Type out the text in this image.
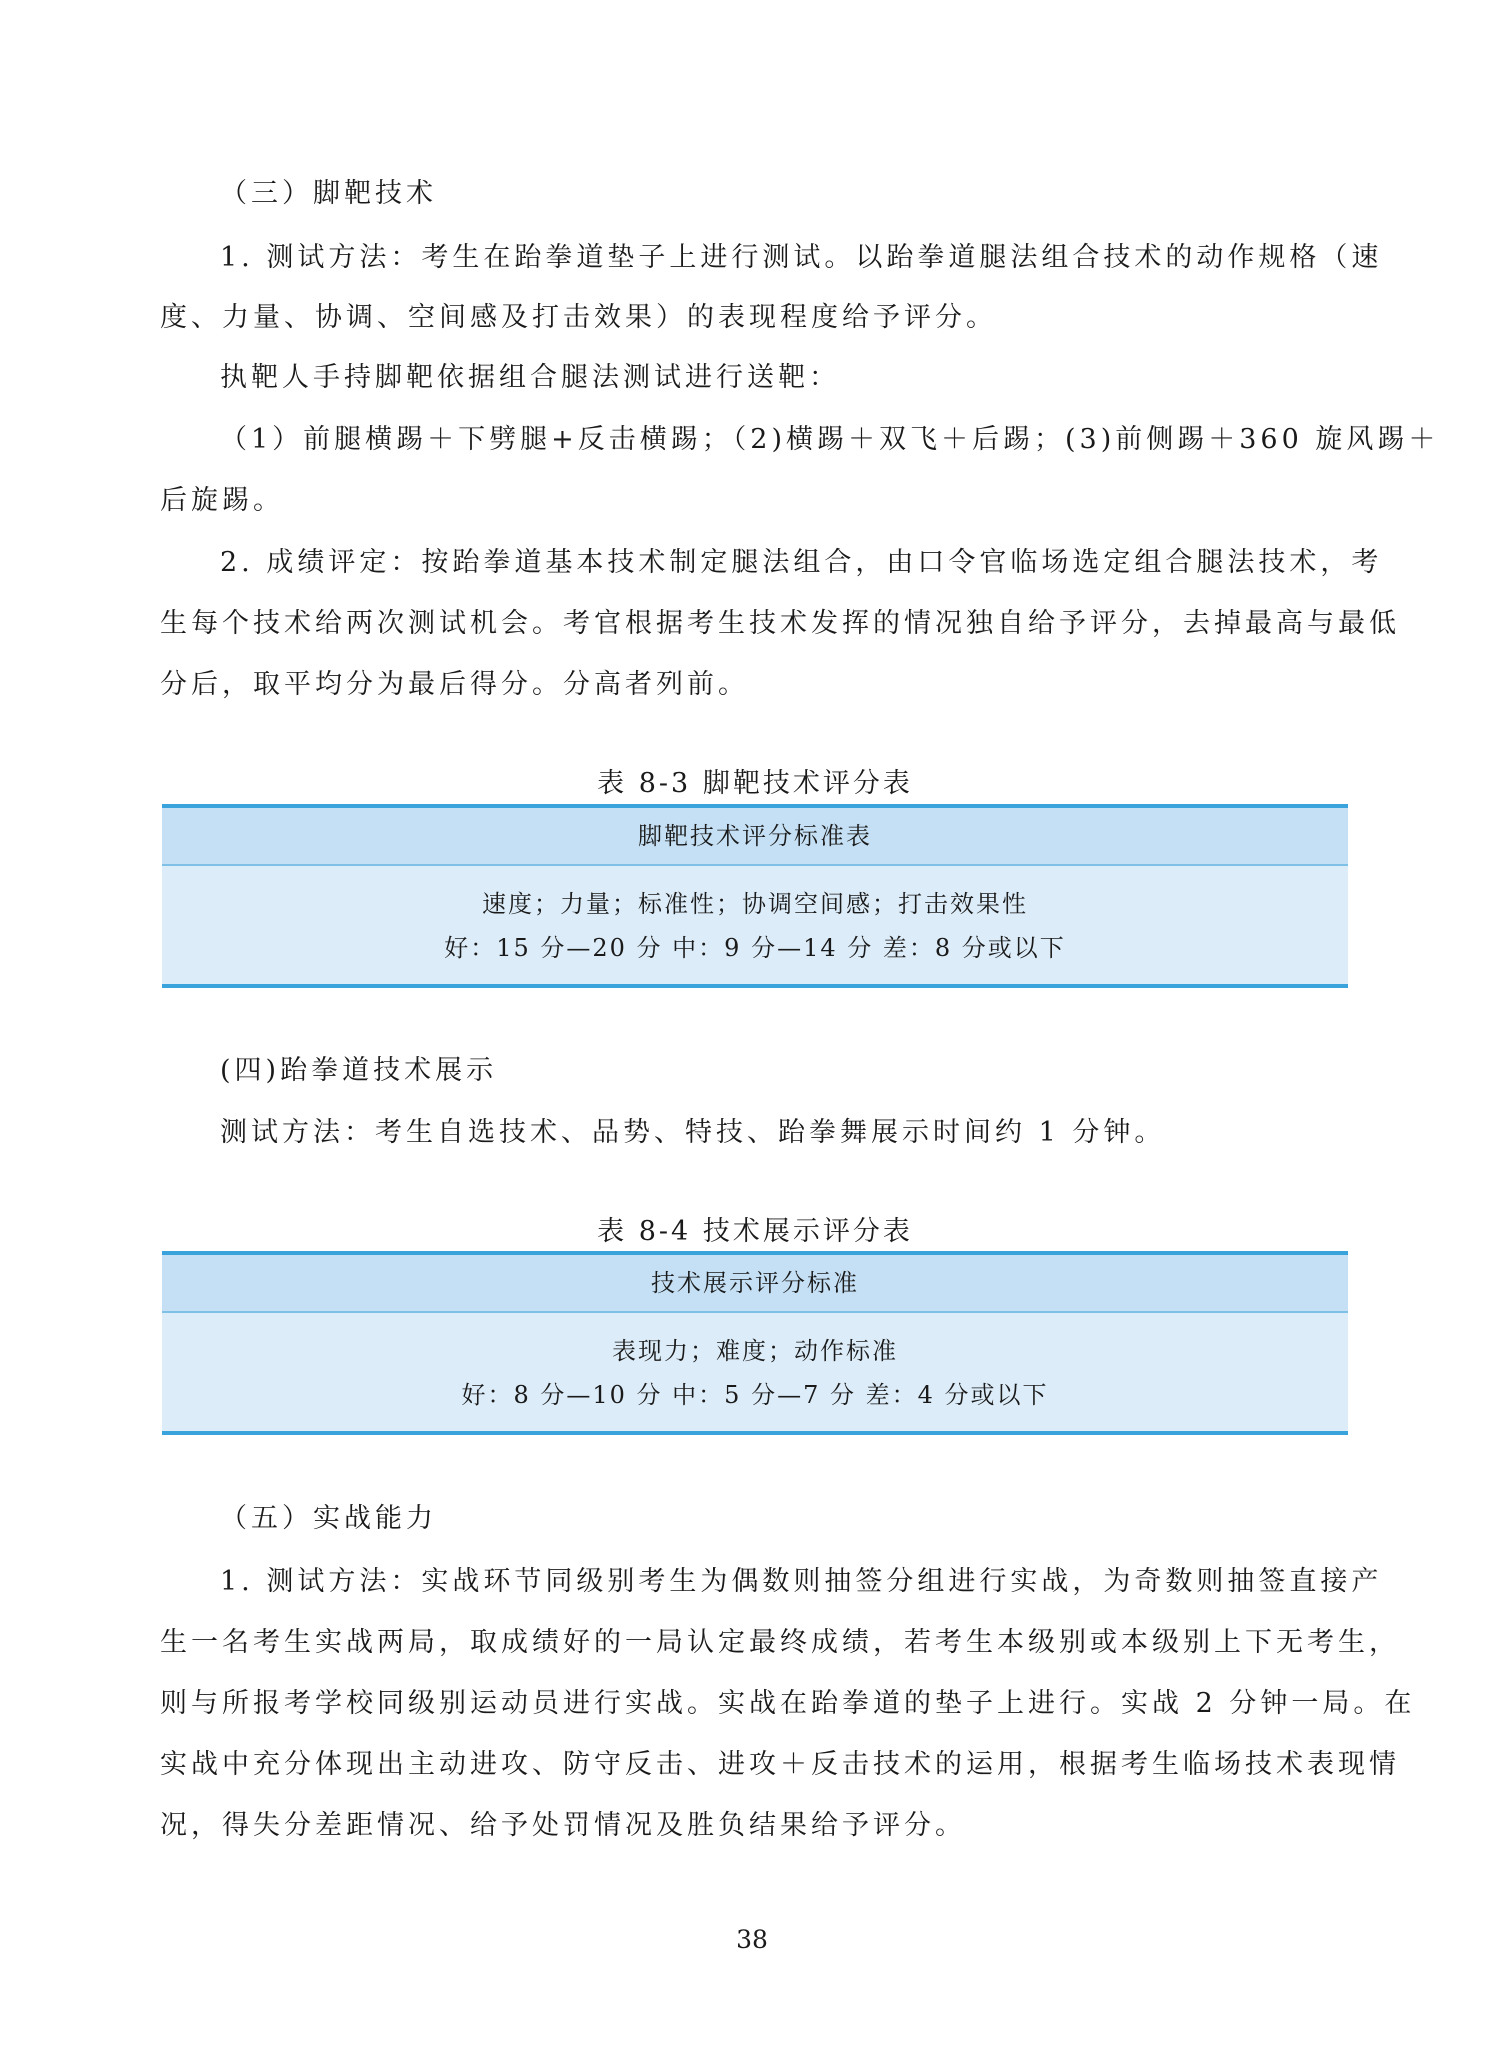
（三）脚靶技术

1. 测试方法：考生在跆拳道垫子上进行测试。以跆拳道腿法组合技术的动作规格（速

度、力量、协调、空间感及打击效果）的表现程度给予评分。

执靶人手持脚靶依据组合腿法测试进行送靶：

（1）前腿横踢＋下劈腿+反击横踢；（2)横踢＋双飞＋后踢；(3)前侧踢＋360 旋风踢＋

后旋踢。

2. 成绩评定：按跆拳道基本技术制定腿法组合，由口令官临场选定组合腿法技术，考

生每个技术给两次测试机会。考官根据考生技术发挥的情况独自给予评分，去掉最高与最低

分后，取平均分为最后得分。分高者列前。

表 8-3 脚靶技术评分表

脚靶技术评分标准表
速度；力量；标准性；协调空间感；打击效果性
好：15 分—20 分 中：9 分—14 分 差：8 分或以下

(四)跆拳道技术展示

测试方法：考生自选技术、品势、特技、跆拳舞展示时间约 1 分钟。

表 8-4 技术展示评分表

技术展示评分标准
表现力；难度；动作标准
好：8 分—10 分 中：5 分—7 分 差：4 分或以下

（五）实战能力

1. 测试方法：实战环节同级别考生为偶数则抽签分组进行实战，为奇数则抽签直接产

生一名考生实战两局，取成绩好的一局认定最终成绩，若考生本级别或本级别上下无考生，

则与所报考学校同级别运动员进行实战。实战在跆拳道的垫子上进行。实战 2 分钟一局。在

实战中充分体现出主动进攻、防守反击、进攻＋反击技术的运用，根据考生临场技术表现情

况，得失分差距情况、给予处罚情况及胜负结果给予评分。

38
